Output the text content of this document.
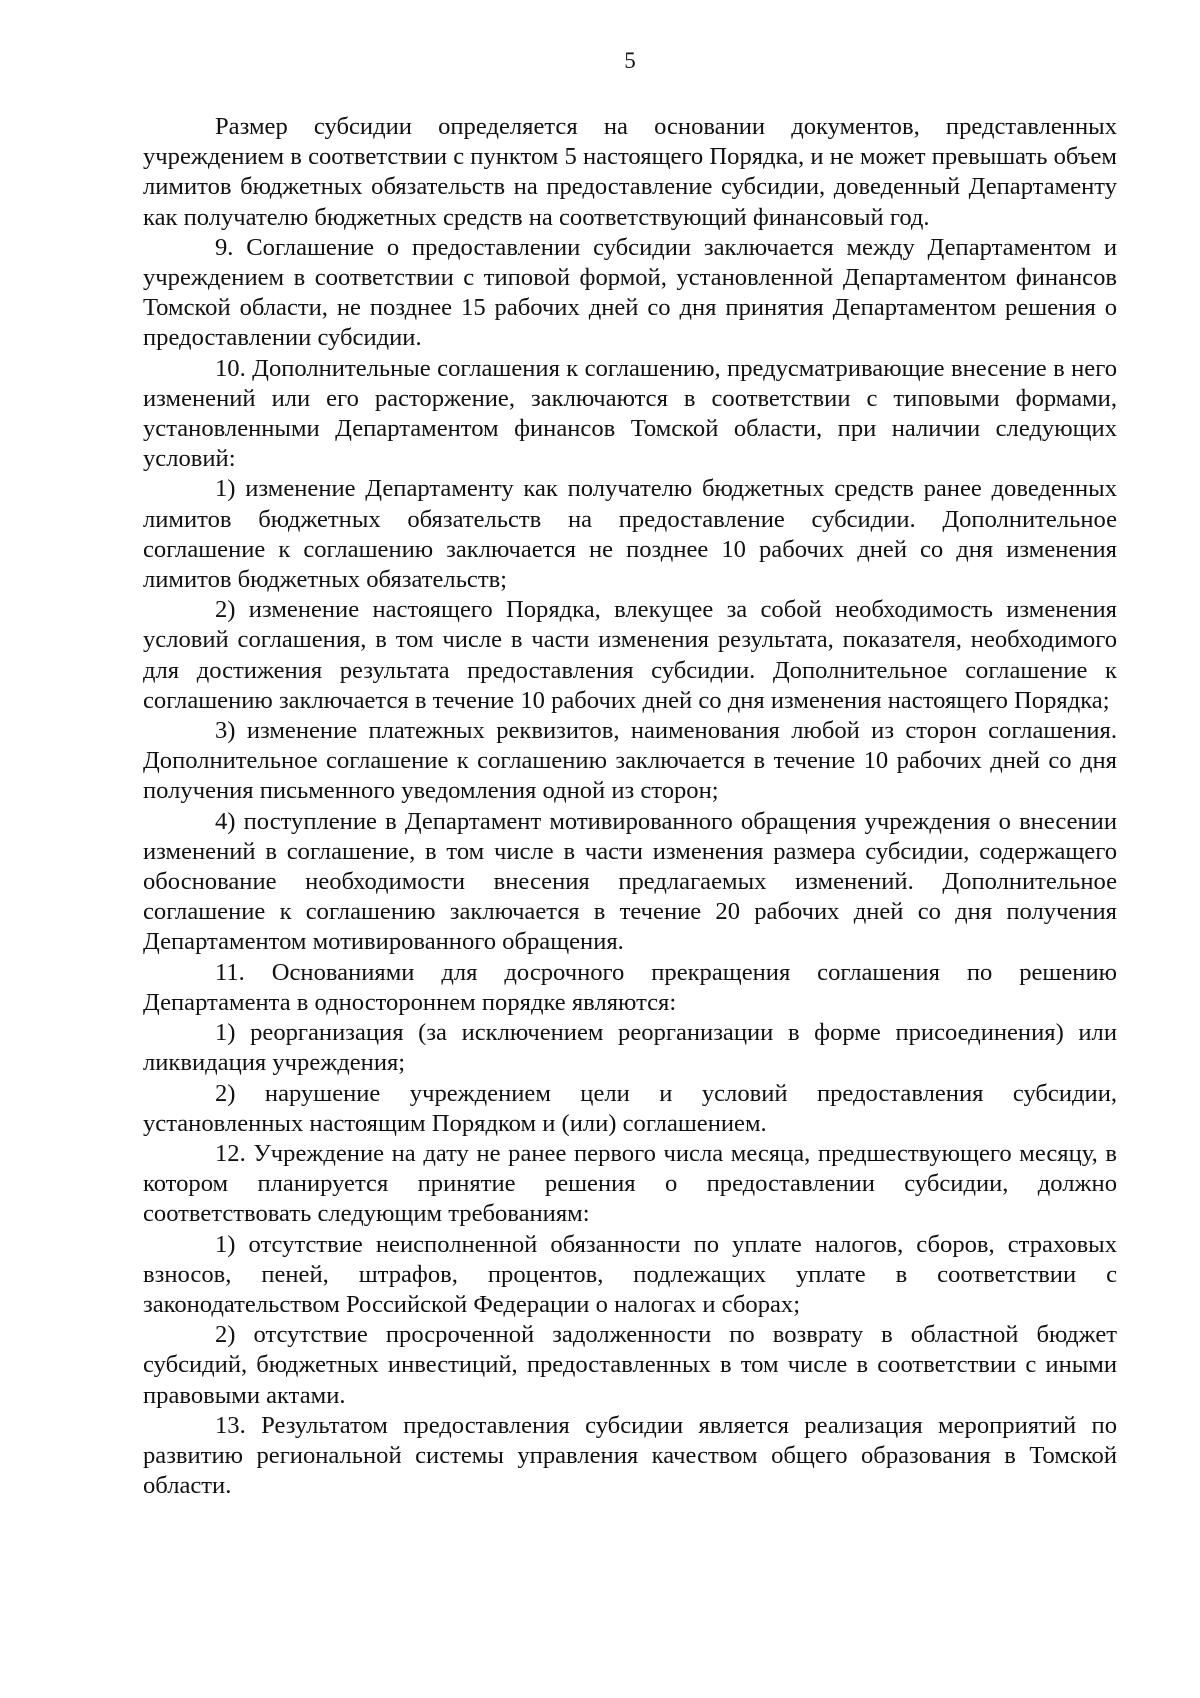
5

Размер субсидии определяется на основании документов, представленных учреждением в соответствии с пунктом 5 настоящего Порядка, и не может превышать объем лимитов бюджетных обязательств на предоставление субсидии, доведенный Департаменту как получателю бюджетных средств на соответствующий финансовый год.

9. Соглашение о предоставлении субсидии заключается между Департаментом и учреждением в соответствии с типовой формой, установленной Департаментом финансов Томской области, не позднее 15 рабочих дней со дня принятия Департаментом решения о предоставлении субсидии.

10. Дополнительные соглашения к соглашению, предусматривающие внесение в него изменений или его расторжение, заключаются в соответствии с типовыми формами, установленными Департаментом финансов Томской области, при наличии следующих условий:

1) изменение Департаменту как получателю бюджетных средств ранее доведенных лимитов бюджетных обязательств на предоставление субсидии. Дополнительное соглашение к соглашению заключается не позднее 10 рабочих дней со дня изменения лимитов бюджетных обязательств;

2) изменение настоящего Порядка, влекущее за собой необходимость изменения условий соглашения, в том числе в части изменения результата, показателя, необходимого для достижения результата предоставления субсидии. Дополнительное соглашение к соглашению заключается в течение 10 рабочих дней со дня изменения настоящего Порядка;

3) изменение платежных реквизитов, наименования любой из сторон соглашения. Дополнительное соглашение к соглашению заключается в течение 10 рабочих дней со дня получения письменного уведомления одной из сторон;

4) поступление в Департамент мотивированного обращения учреждения о внесении изменений в соглашение, в том числе в части изменения размера субсидии, содержащего обоснование необходимости внесения предлагаемых изменений. Дополнительное соглашение к соглашению заключается в течение 20 рабочих дней со дня получения Департаментом мотивированного обращения.

11. Основаниями для досрочного прекращения соглашения по решению Департамента в одностороннем порядке являются:

1) реорганизация (за исключением реорганизации в форме присоединения) или ликвидация учреждения;

2) нарушение учреждением цели и условий предоставления субсидии, установленных настоящим Порядком и (или) соглашением.

12. Учреждение на дату не ранее первого числа месяца, предшествующего месяцу, в котором планируется принятие решения о предоставлении субсидии, должно соответствовать следующим требованиям:

1) отсутствие неисполненной обязанности по уплате налогов, сборов, страховых взносов, пеней, штрафов, процентов, подлежащих уплате в соответствии с законодательством Российской Федерации о налогах и сборах;

2) отсутствие просроченной задолженности по возврату в областной бюджет субсидий, бюджетных инвестиций, предоставленных в том числе в соответствии с иными правовыми актами.

13. Результатом предоставления субсидии является реализация мероприятий по развитию региональной системы управления качеством общего образования в Томской области.
